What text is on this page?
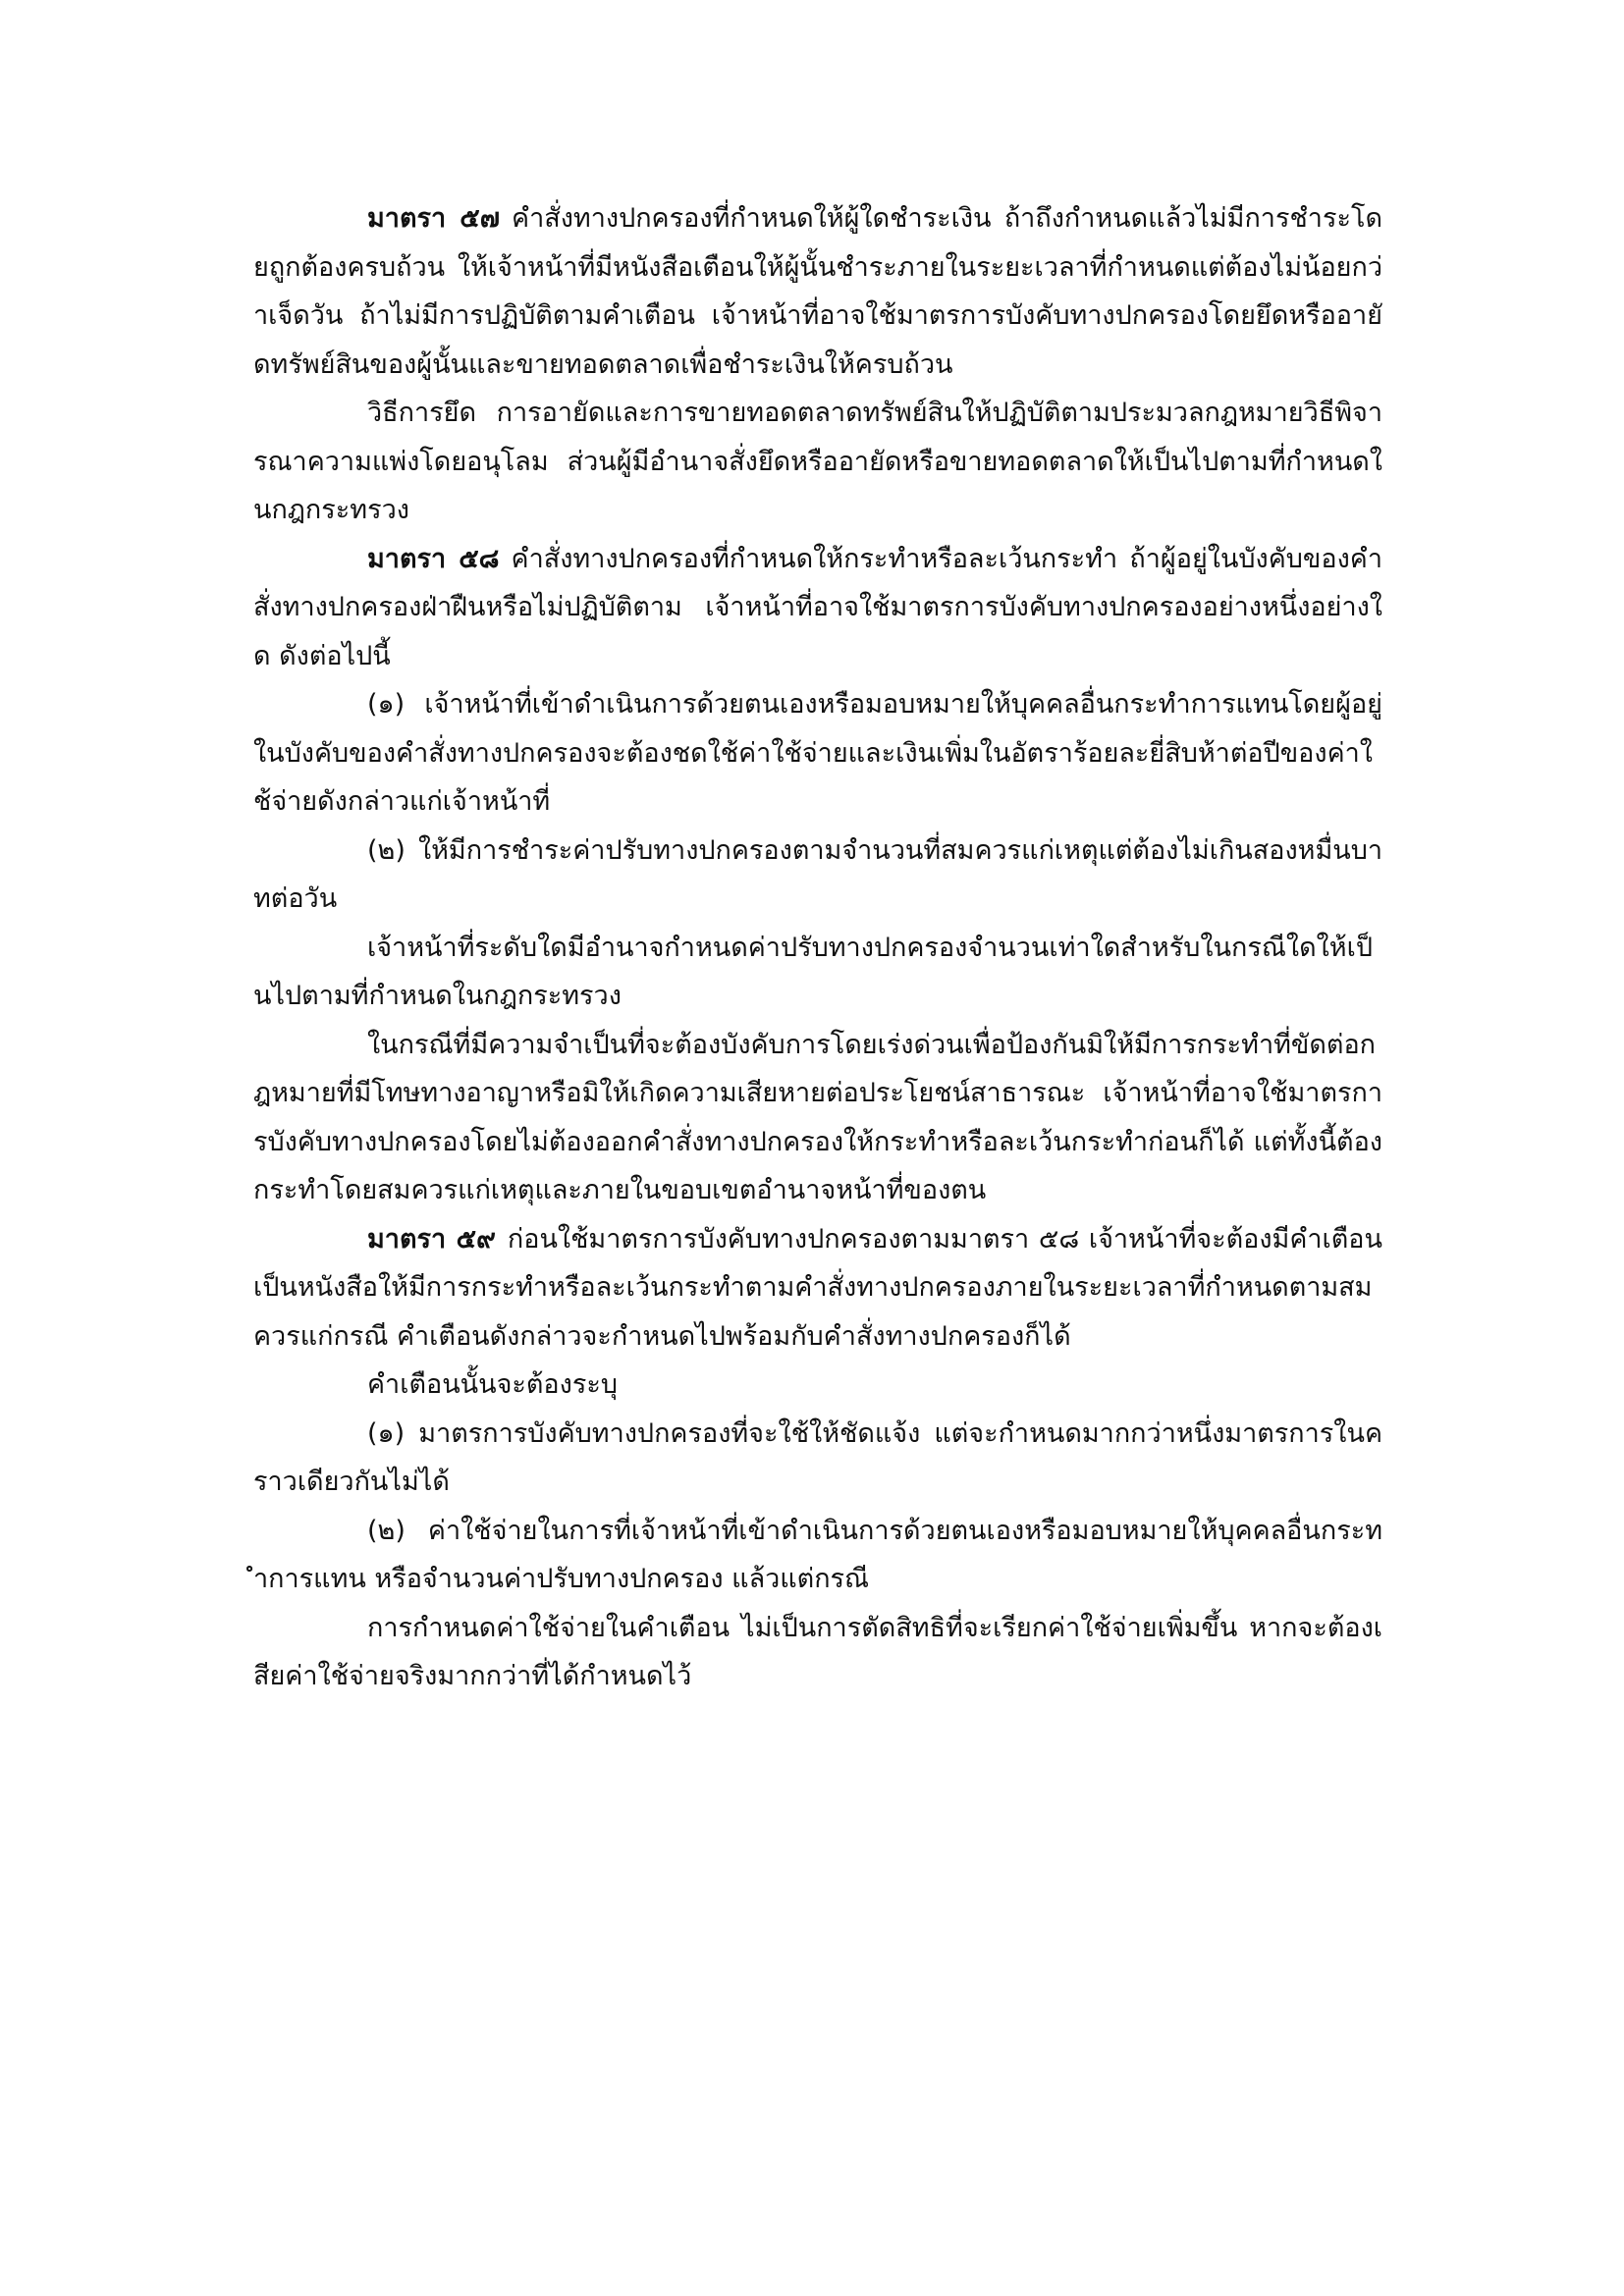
มาตรา ๕๗ คำสั่งทางปกครองที่กำหนดให้ผู้ใดชำระเงิน ถ้าถึงกำหนดแล้วไม่มีการชำระโดยถูกต้องครบถ้วน ให้เจ้าหน้าที่มีหนังสือเตือนให้ผู้นั้นชำระภายในระยะเวลาที่กำหนดแต่ต้องไม่น้อยกว่าเจ็ดวัน ถ้าไม่มีการปฏิบัติตามคำเตือน เจ้าหน้าที่อาจใช้มาตรการบังคับทางปกครองโดยยึดหรืออายัดทรัพย์สินของผู้นั้นและขายทอดตลาดเพื่อชำระเงินให้ครบถ้วน

วิธีการยึด การอายัดและการขายทอดตลาดทรัพย์สินให้ปฏิบัติตามประมวลกฎหมายวิธีพิจารณาความแพ่งโดยอนุโลม ส่วนผู้มีอำนาจสั่งยึดหรืออายัดหรือขายทอดตลาดให้เป็นไปตามที่กำหนดในกฎกระทรวง

มาตรา ๕๘ คำสั่งทางปกครองที่กำหนดให้กระทำหรือละเว้นกระทำ ถ้าผู้อยู่ในบังคับของคำสั่งทางปกครองฝ่าฝืนหรือไม่ปฏิบัติตาม เจ้าหน้าที่อาจใช้มาตรการบังคับทางปกครองอย่างหนึ่งอย่างใด ดังต่อไปนี้

(๑) เจ้าหน้าที่เข้าดำเนินการด้วยตนเองหรือมอบหมายให้บุคคลอื่นกระทำการแทนโดยผู้อยู่ในบังคับของคำสั่งทางปกครองจะต้องชดใช้ค่าใช้จ่ายและเงินเพิ่มในอัตราร้อยละยี่สิบห้าต่อปีของค่าใช้จ่ายดังกล่าวแก่เจ้าหน้าที่

(๒) ให้มีการชำระค่าปรับทางปกครองตามจำนวนที่สมควรแก่เหตุแต่ต้องไม่เกินสองหมื่นบาทต่อวัน

เจ้าหน้าที่ระดับใดมีอำนาจกำหนดค่าปรับทางปกครองจำนวนเท่าใดสำหรับในกรณีใดให้เป็นไปตามที่กำหนดในกฎกระทรวง

ในกรณีที่มีความจำเป็นที่จะต้องบังคับการโดยเร่งด่วนเพื่อป้องกันมิให้มีการกระทำที่ขัดต่อกฎหมายที่มีโทษทางอาญาหรือมิให้เกิดความเสียหายต่อประโยชน์สาธารณะ เจ้าหน้าที่อาจใช้มาตรการบังคับทางปกครองโดยไม่ต้องออกคำสั่งทางปกครองให้กระทำหรือละเว้นกระทำก่อนก็ได้ แต่ทั้งนี้ต้องกระทำโดยสมควรแก่เหตุและภายในขอบเขตอำนาจหน้าที่ของตน

มาตรา ๕๙ ก่อนใช้มาตรการบังคับทางปกครองตามมาตรา ๕๘ เจ้าหน้าที่จะต้องมีคำเตือนเป็นหนังสือให้มีการกระทำหรือละเว้นกระทำตามคำสั่งทางปกครองภายในระยะเวลาที่กำหนดตามสมควรแก่กรณี คำเตือนดังกล่าวจะกำหนดไปพร้อมกับคำสั่งทางปกครองก็ได้

คำเตือนนั้นจะต้องระบุ

(๑) มาตรการบังคับทางปกครองที่จะใช้ให้ชัดแจ้ง แต่จะกำหนดมากกว่าหนึ่งมาตรการในคราวเดียวกันไม่ได้

(๒) ค่าใช้จ่ายในการที่เจ้าหน้าที่เข้าดำเนินการด้วยตนเองหรือมอบหมายให้บุคคลอื่นกระทำการแทน หรือจำนวนค่าปรับทางปกครอง แล้วแต่กรณี

การกำหนดค่าใช้จ่ายในคำเตือน ไม่เป็นการตัดสิทธิที่จะเรียกค่าใช้จ่ายเพิ่มขึ้น หากจะต้องเสียค่าใช้จ่ายจริงมากกว่าที่ได้กำหนดไว้
